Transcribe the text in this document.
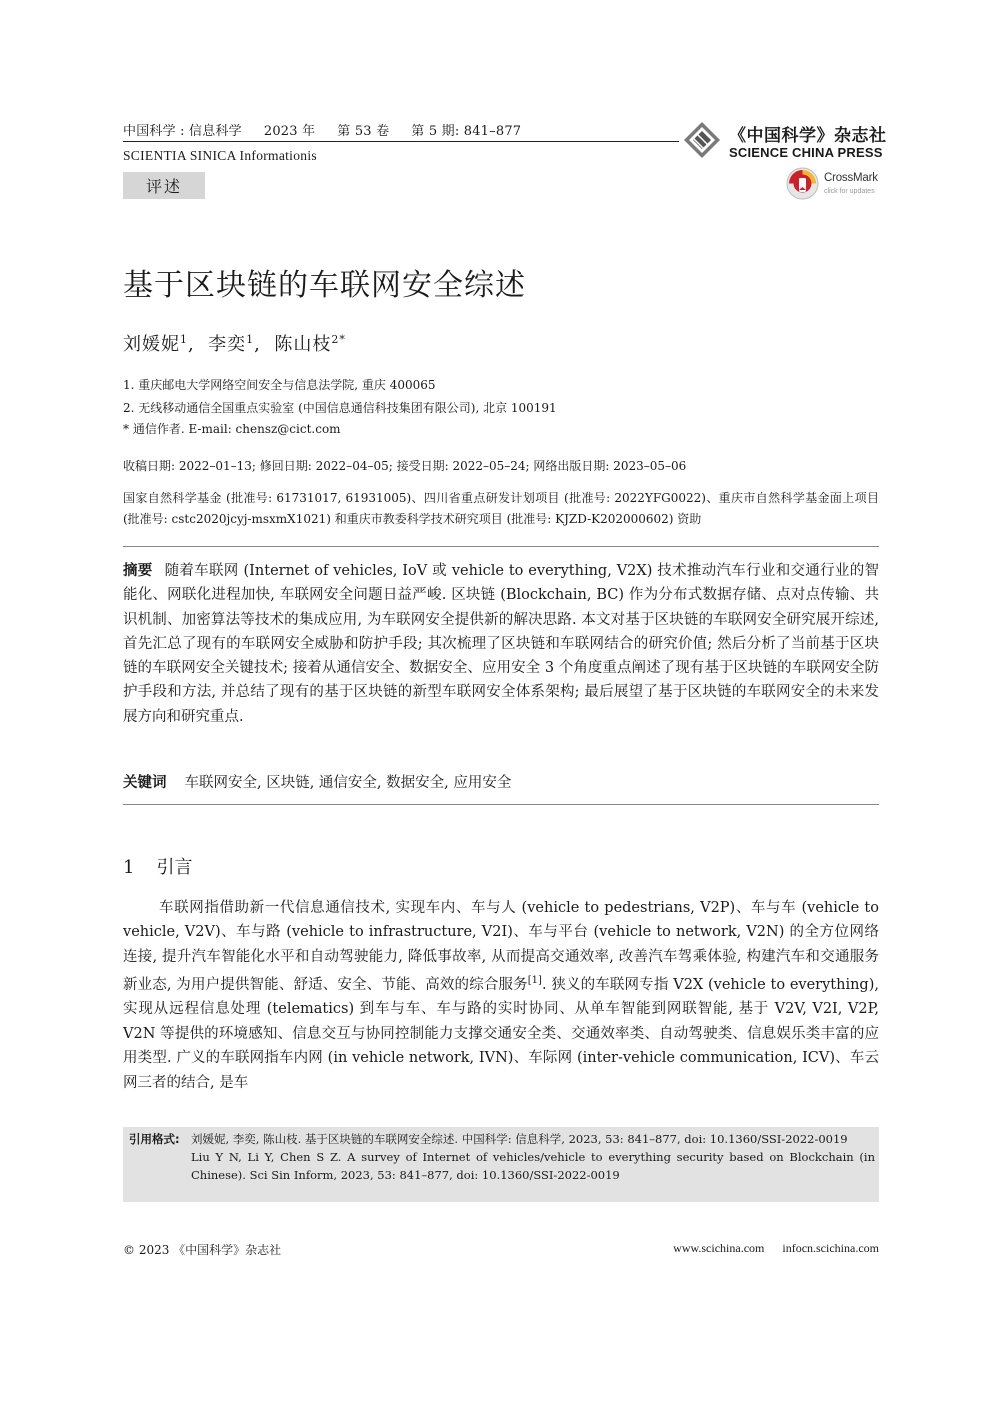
中国科学 : 信息科学 2023 年 第 53 卷 第 5 期: 841–877
SCIENTIA SINICA Informationis
评述
《中国科学》杂志社
SCIENCE CHINA PRESS
CrossMark
click for updates
基于区块链的车联网安全综述
刘媛妮$^1$,  李奕$^1$,  陈山枝$^{2*}$
1. 重庆邮电大学网络空间安全与信息法学院, 重庆 400065
2. 无线移动通信全国重点实验室 (中国信息通信科技集团有限公司), 北京 100191
* 通信作者. E-mail: chensz@cict.com
收稿日期: 2022–01–13; 修回日期: 2022–04–05; 接受日期: 2022–05–24; 网络出版日期: 2023–05–06
国家自然科学基金 (批准号: 61731017, 61931005)、四川省重点研发计划项目 (批准号: 2022YFG0022)、重庆市自然科学基金面上项目 (批准号: cstc2020jcyj-msxmX1021) 和重庆市教委科学技术研究项目 (批准号: KJZD-K202000602) 资助
摘要 随着车联网 (Internet of vehicles, IoV 或 vehicle to everything, V2X) 技术推动汽车行业和交通行业的智能化、网联化进程加快, 车联网安全问题日益严峻. 区块链 (Blockchain, BC) 作为分布式数据存储、点对点传输、共识机制、加密算法等技术的集成应用, 为车联网安全提供新的解决思路. 本文对基于区块链的车联网安全研究展开综述, 首先汇总了现有的车联网安全威胁和防护手段; 其次梳理了区块链和车联网结合的研究价值; 然后分析了当前基于区块链的车联网安全关键技术; 接着从通信安全、数据安全、应用安全 3 个角度重点阐述了现有基于区块链的车联网安全防护手段和方法, 并总结了现有的基于区块链的新型车联网安全体系架构; 最后展望了基于区块链的车联网安全的未来发展方向和研究重点.
关键词 车联网安全, 区块链, 通信安全, 数据安全, 应用安全
1 引言
车联网指借助新一代信息通信技术, 实现车内、车与人 (vehicle to pedestrians, V2P)、车与车 (vehicle to vehicle, V2V)、车与路 (vehicle to infrastructure, V2I)、车与平台 (vehicle to network, V2N) 的全方位网络连接, 提升汽车智能化水平和自动驾驶能力, 降低事故率, 从而提高交通效率, 改善汽车驾乘体验, 构建汽车和交通服务新业态, 为用户提供智能、舒适、安全、节能、高效的综合服务[1]. 狭义的车联网专指 V2X (vehicle to everything), 实现从远程信息处理 (telematics) 到车与车、车与路的实时协同、从单车智能到网联智能, 基于 V2V, V2I, V2P, V2N 等提供的环境感知、信息交互与协同控制能力支撑交通安全类、交通效率类、自动驾驶类、信息娱乐类丰富的应用类型. 广义的车联网指车内网 (in vehicle network, IVN)、车际网 (inter-vehicle communication, ICV)、车云网三者的结合, 是车
引用格式: 刘媛妮, 李奕, 陈山枝. 基于区块链的车联网安全综述. 中国科学: 信息科学, 2023, 53: 841–877, doi: 10.1360/SSI-2022-0019
Liu Y N, Li Y, Chen S Z. A survey of Internet of vehicles/vehicle to everything security based on Blockchain (in Chinese). Sci Sin Inform, 2023, 53: 841–877, doi: 10.1360/SSI-2022-0019
© 2023 《中国科学》杂志社	www.scichina.com infocn.scichina.com
